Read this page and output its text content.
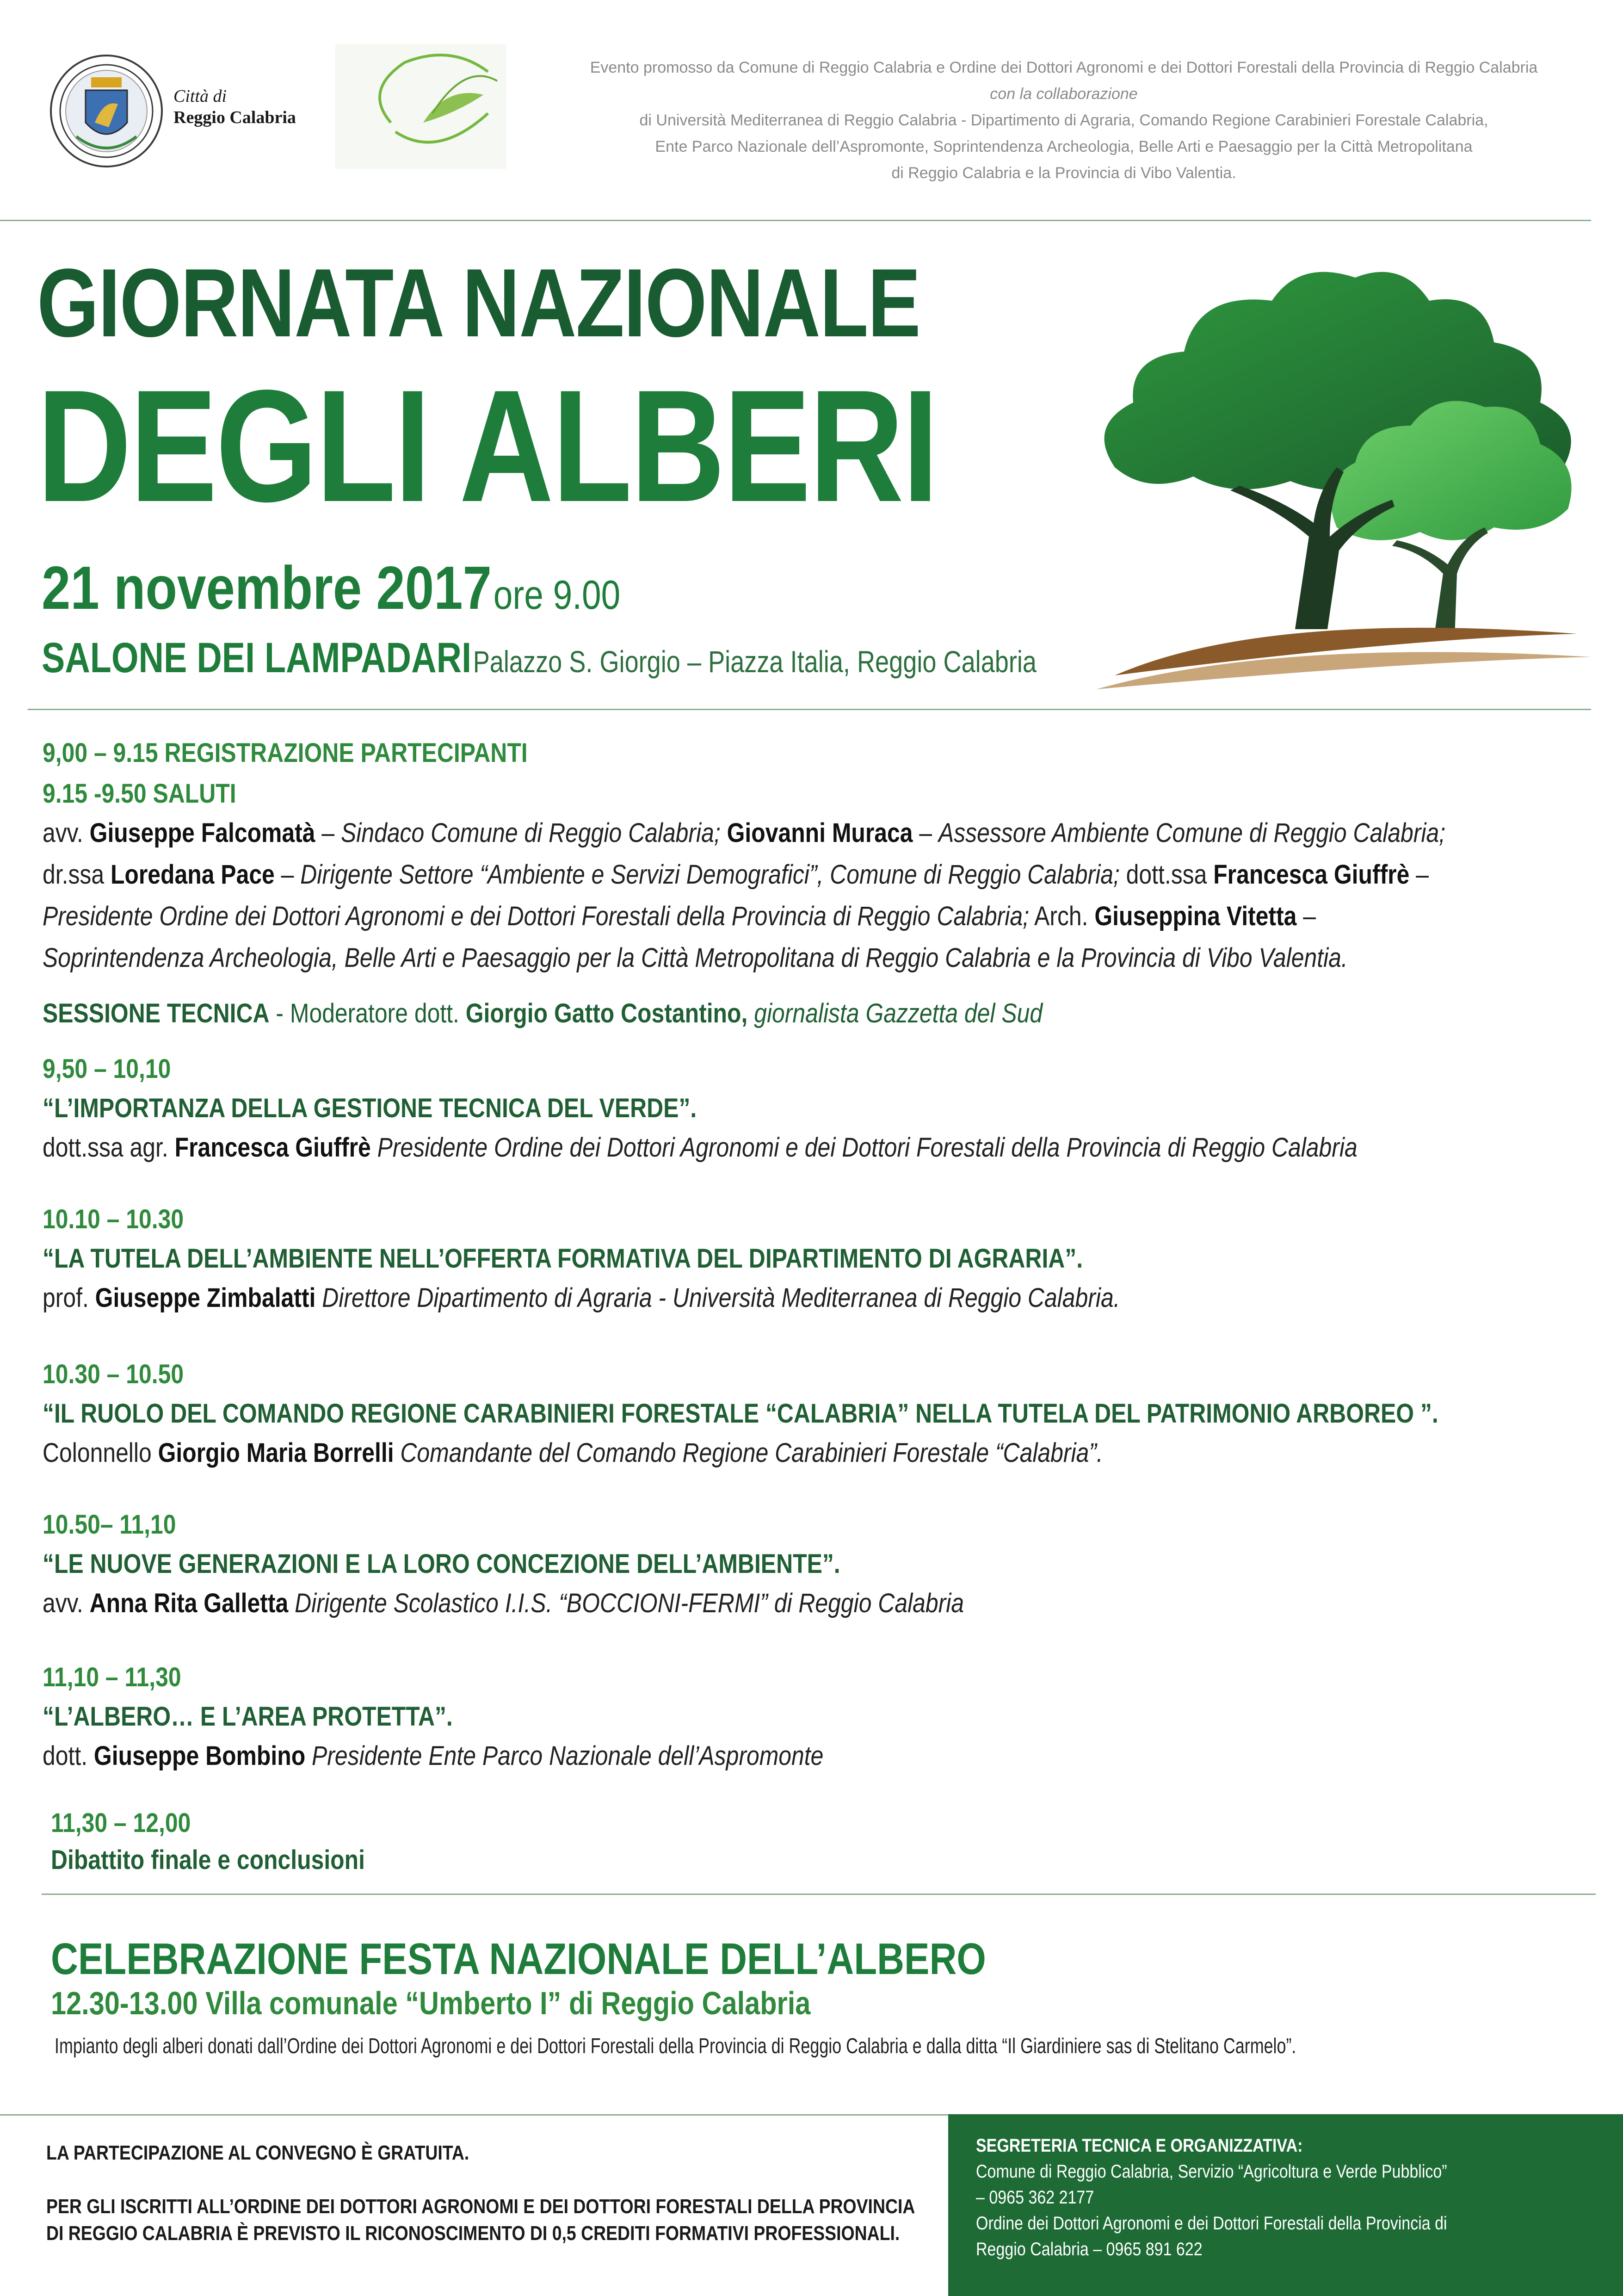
Città di
Reggio Calabria
Evento promosso da Comune di Reggio Calabria e Ordine dei Dottori Agronomi e dei Dottori Forestali della Provincia di Reggio Calabria
con la collaborazione
di Università Mediterranea di Reggio Calabria - Dipartimento di Agraria, Comando Regione Carabinieri Forestale Calabria,
Ente Parco Nazionale dell’Aspromonte, Soprintendenza Archeologia, Belle Arti e Paesaggio per la Città Metropolitana
di Reggio Calabria e la Provincia di Vibo Valentia.
GIORNATA NAZIONALE
DEGLI ALBERI
21 novembre 2017 ore 9.00
SALONE DEI LAMPADARI Palazzo S. Giorgio – Piazza Italia, Reggio Calabria
9,00 – 9.15 REGISTRAZIONE PARTECIPANTI
9.15 -9.50 SALUTI
avv. Giuseppe Falcomatà – Sindaco Comune di Reggio Calabria; Giovanni Muraca – Assessore Ambiente Comune di Reggio Calabria;
dr.ssa Loredana Pace – Dirigente Settore “Ambiente e Servizi Demografici”, Comune di Reggio Calabria; dott.ssa Francesca Giuffrè –
Presidente Ordine dei Dottori Agronomi e dei Dottori Forestali della Provincia di Reggio Calabria; Arch. Giuseppina Vitetta –
Soprintendenza Archeologia, Belle Arti e Paesaggio per la Città Metropolitana di Reggio Calabria e la Provincia di Vibo Valentia.
SESSIONE TECNICA - Moderatore dott. Giorgio Gatto Costantino, giornalista Gazzetta del Sud
9,50 – 10,10
“L’IMPORTANZA DELLA GESTIONE TECNICA DEL VERDE”.
dott.ssa agr. Francesca Giuffrè Presidente Ordine dei Dottori Agronomi e dei Dottori Forestali della Provincia di Reggio Calabria
10.10 – 10.30
“LA TUTELA DELL’AMBIENTE NELL’OFFERTA FORMATIVA DEL DIPARTIMENTO DI AGRARIA”.
prof. Giuseppe Zimbalatti Direttore Dipartimento di Agraria - Università Mediterranea di Reggio Calabria.
10.30 – 10.50
“IL RUOLO DEL COMANDO REGIONE CARABINIERI FORESTALE “CALABRIA” NELLA TUTELA DEL PATRIMONIO ARBOREO ”.
Colonnello Giorgio Maria Borrelli Comandante del Comando Regione Carabinieri Forestale “Calabria”.
10.50– 11,10
“LE NUOVE GENERAZIONI E LA LORO CONCEZIONE DELL’AMBIENTE”.
avv. Anna Rita Galletta Dirigente Scolastico I.I.S. “BOCCIONI-FERMI” di Reggio Calabria
11,10 – 11,30
“L’ALBERO… E L’AREA PROTETTA”.
dott. Giuseppe Bombino Presidente Ente Parco Nazionale dell’Aspromonte
11,30 – 12,00
Dibattito finale e conclusioni
CELEBRAZIONE FESTA NAZIONALE DELL’ALBERO
12.30-13.00 Villa comunale “Umberto I” di Reggio Calabria
Impianto degli alberi donati dall’Ordine dei Dottori Agronomi e dei Dottori Forestali della Provincia di Reggio Calabria e dalla ditta “Il Giardiniere sas di Stelitano Carmelo”.
LA PARTECIPAZIONE AL CONVEGNO È GRATUITA.
PER GLI ISCRITTI ALL’ORDINE DEI DOTTORI AGRONOMI E DEI DOTTORI FORESTALI DELLA PROVINCIA
DI REGGIO CALABRIA È PREVISTO IL RICONOSCIMENTO DI 0,5 CREDITI FORMATIVI PROFESSIONALI.
SEGRETERIA TECNICA E ORGANIZZATIVA:
Comune di Reggio Calabria, Servizio “Agricoltura e Verde Pubblico”
– 0965 362 2177
Ordine dei Dottori Agronomi e dei Dottori Forestali della Provincia di
Reggio Calabria – 0965 891 622
